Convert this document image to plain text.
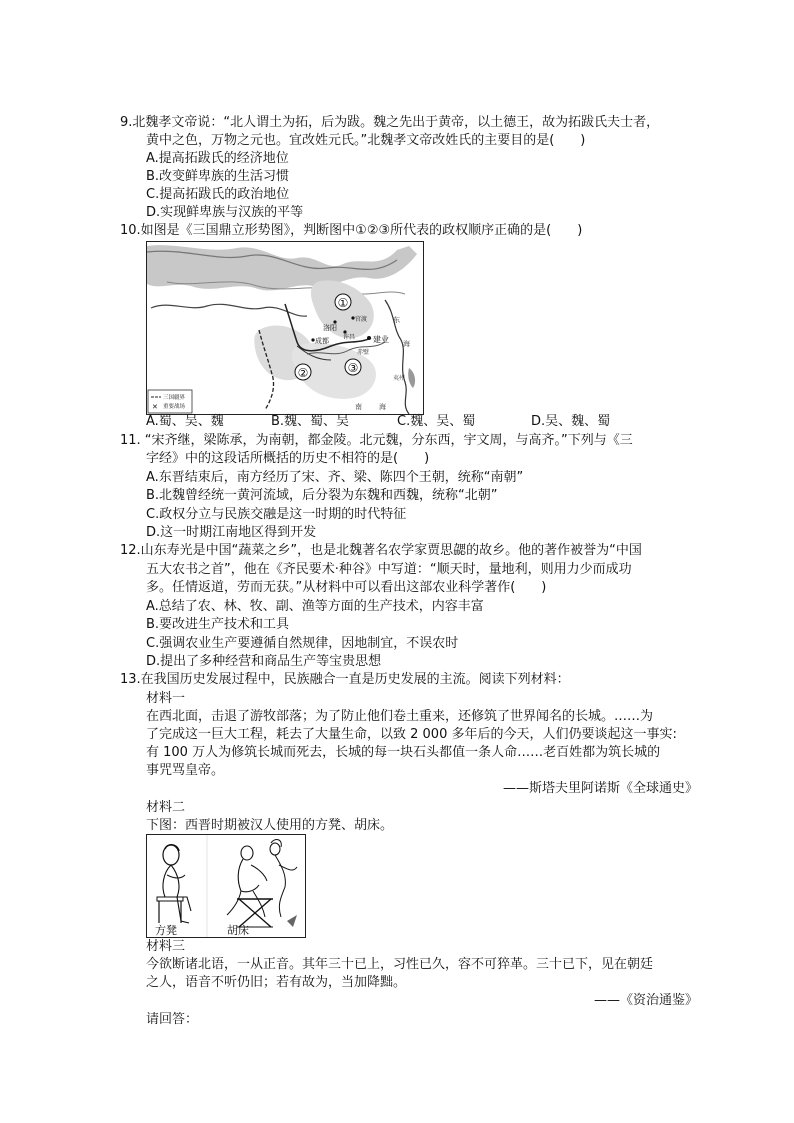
9.北魏孝文帝说：“北人谓土为拓，后为跋。魏之先出于黄帝，以土德王，故为拓跋氏夫士者，
黄中之色，万物之元也。宜改姓元氏。”北魏孝文帝改姓氏的主要目的是(　　)
A.提高拓跋氏的经济地位
B.改变鲜卑族的生活习惯
C.提高拓跋氏的政治地位
D.实现鲜卑族与汉族的平等
10.如图是《三国鼎立形势图》，判断图中①②③所代表的政权顺序正确的是(　　)
①
②	③
洛阳
许昌
官渡
成都	建业
赤壁
东
海
南 海
夷州
三国疆界
✕ 重要战场
A.蜀、吴、魏	B.魏、蜀、吴	C.魏、吴、蜀	D.吴、魏、蜀
11. “宋齐继，梁陈承，为南朝，都金陵。北元魏，分东西，宇文周，与高齐。”下列与《三
字经》中的这段话所概括的历史不相符的是(　　)
A.东晋结束后，南方经历了宋、齐、梁、陈四个王朝，统称“南朝”
B.北魏曾经统一黄河流域，后分裂为东魏和西魏，统称“北朝”
C.政权分立与民族交融是这一时期的时代特征
D.这一时期江南地区得到开发
12.山东寿光是中国“蔬菜之乡”，也是北魏著名农学家贾思勰的故乡。他的著作被誉为“中国
五大农书之首”，他在《齐民要术·种谷》中写道：“顺天时，量地利，则用力少而成功
多。任情返道，劳而无获。”从材料中可以看出这部农业科学著作(　　)
A.总结了农、林、牧、副、渔等方面的生产技术，内容丰富
B.要改进生产技术和工具
C.强调农业生产要遵循自然规律，因地制宜，不误农时
D.提出了多种经营和商品生产等宝贵思想
13.在我国历史发展过程中，民族融合一直是历史发展的主流。阅读下列材料：
材料一
在西北面，击退了游牧部落；为了防止他们卷土重来，还修筑了世界闻名的长城。……为
了完成这一巨大工程，耗去了大量生命，以致 2 000 多年后的今天，人们仍要谈起这一事实:
有 100 万人为修筑长城而死去，长城的每一块石头都值一条人命……老百姓都为筑长城的
事咒骂皇帝。
——斯塔夫里阿诺斯《全球通史》
材料二
下图：西晋时期被汉人使用的方凳、胡床。
方凳	胡床
材料三
今欲断诸北语，一从正音。其年三十已上，习性已久，容不可猝革。三十已下，见在朝廷
之人，语音不听仍旧；若有故为，当加降黜。
——《资治通鉴》
请回答：
